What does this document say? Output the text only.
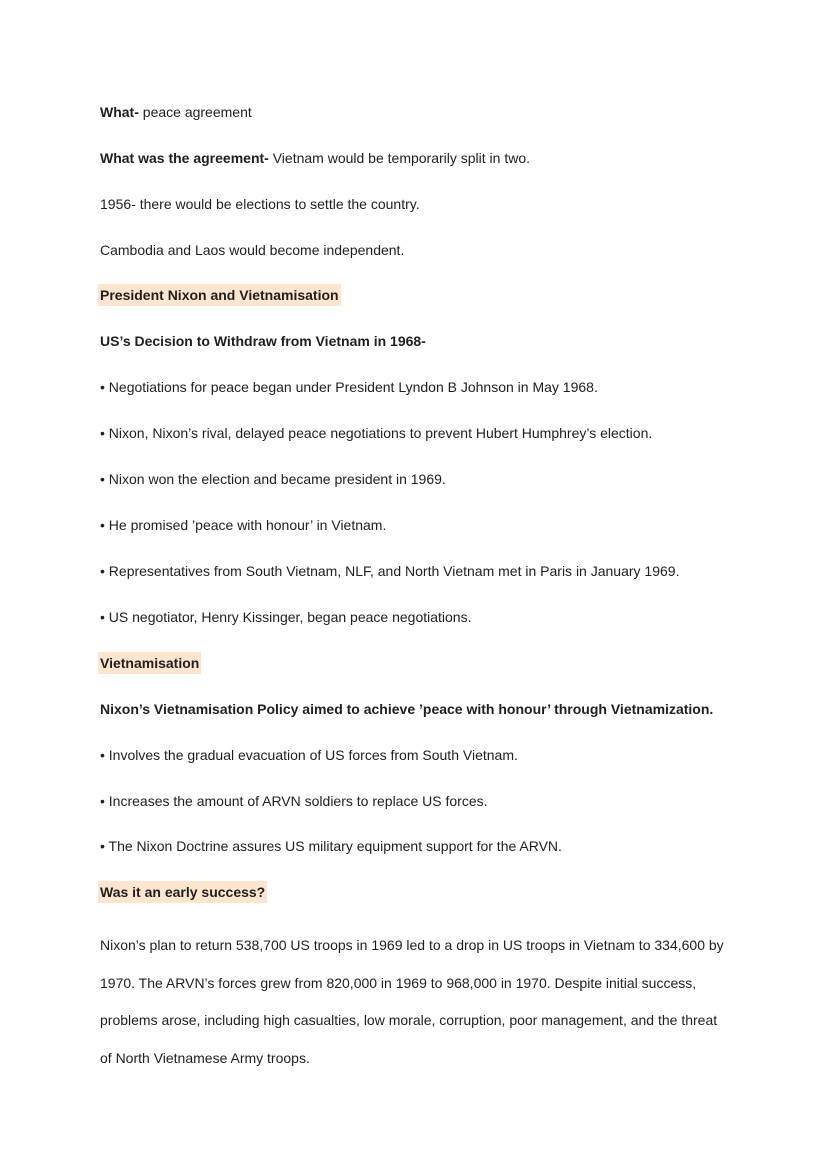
What- peace agreement
What was the agreement- Vietnam would be temporarily split in two.
1956- there would be elections to settle the country.
Cambodia and Laos would become independent.
President Nixon and Vietnamisation
US’s Decision to Withdraw from Vietnam in 1968-
• Negotiations for peace began under President Lyndon B Johnson in May 1968.
• Nixon, Nixon’s rival, delayed peace negotiations to prevent Hubert Humphrey’s election.
• Nixon won the election and became president in 1969.
• He promised ’peace with honour’ in Vietnam.
• Representatives from South Vietnam, NLF, and North Vietnam met in Paris in January 1969.
• US negotiator, Henry Kissinger, began peace negotiations.
Vietnamisation
Nixon’s Vietnamisation Policy aimed to achieve ’peace with honour’ through Vietnamization.
• Involves the gradual evacuation of US forces from South Vietnam.
• Increases the amount of ARVN soldiers to replace US forces.
• The Nixon Doctrine assures US military equipment support for the ARVN.
Was it an early success?
Nixon’s plan to return 538,700 US troops in 1969 led to a drop in US troops in Vietnam to 334,600 by
1970. The ARVN’s forces grew from 820,000 in 1969 to 968,000 in 1970. Despite initial success,
problems arose, including high casualties, low morale, corruption, poor management, and the threat
of North Vietnamese Army troops.
